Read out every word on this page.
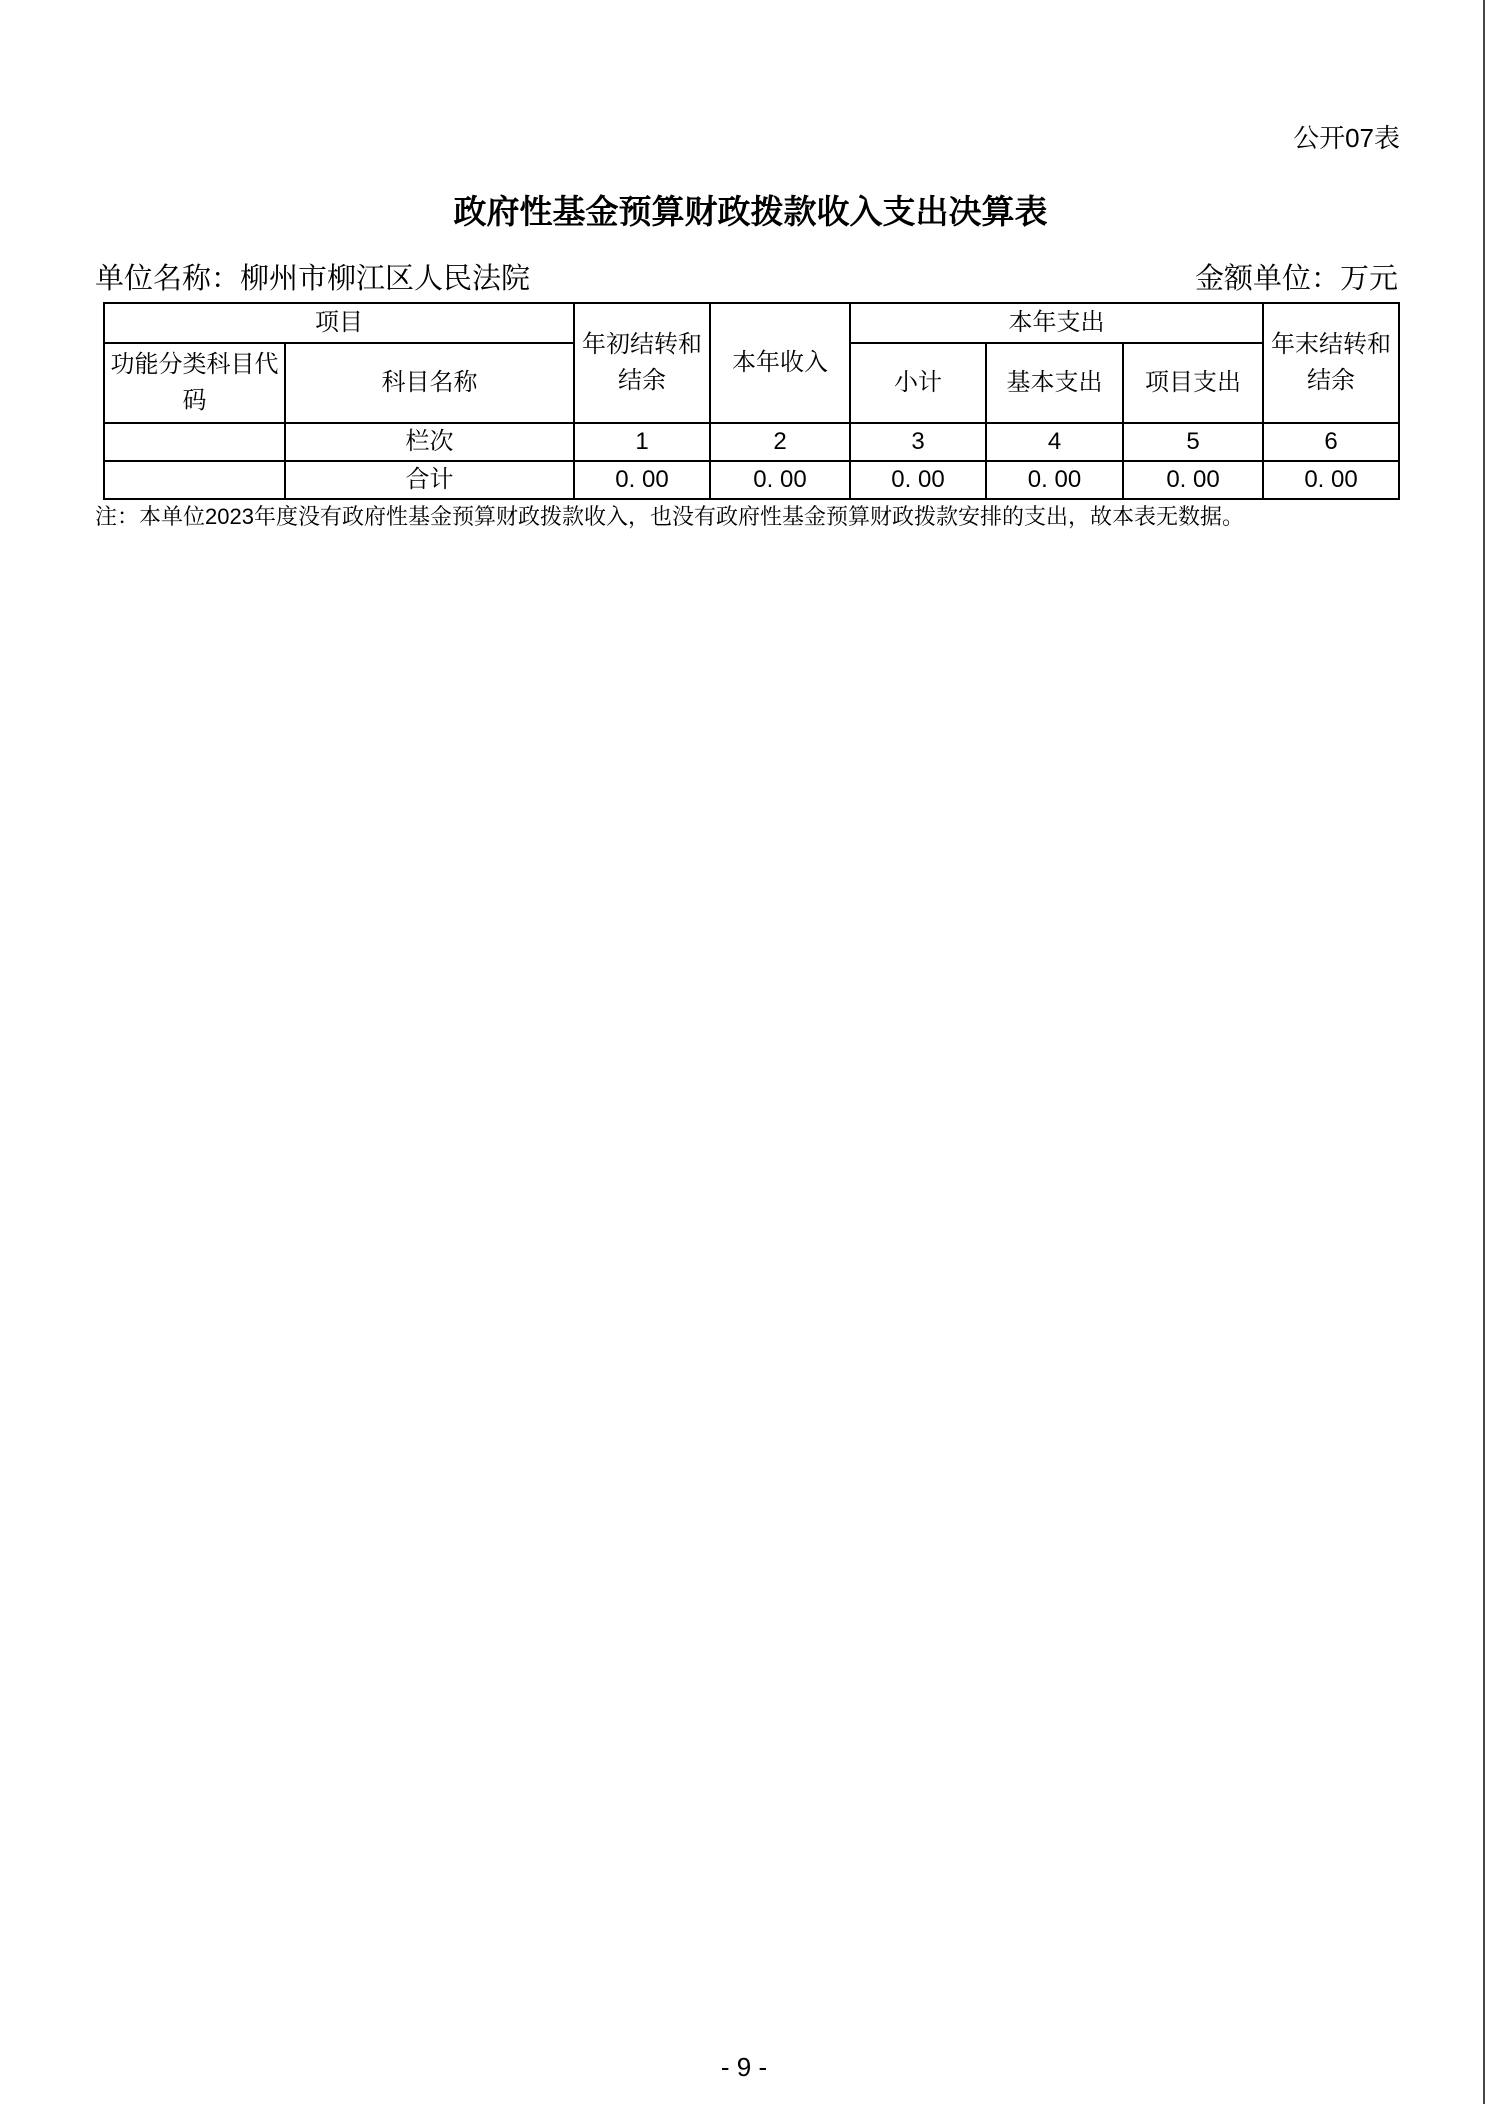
公开07表
政府性基金预算财政拨款收入支出决算表
单位名称：柳州市柳江区人民法院	金额单位：万元
项目		年初结转和结余	本年收入	本年支出			年末结转和结余
功能分类科目代码	科目名称			小计	基本支出	项目支出	
	栏次	1	2	3	4	5	6
	合计	0. 00	0. 00	0. 00	0. 00	0. 00	0. 00
注：本单位2023年度没有政府性基金预算财政拨款收入，也没有政府性基金预算财政拨款安排的支出，故本表无数据。
- 9 -
